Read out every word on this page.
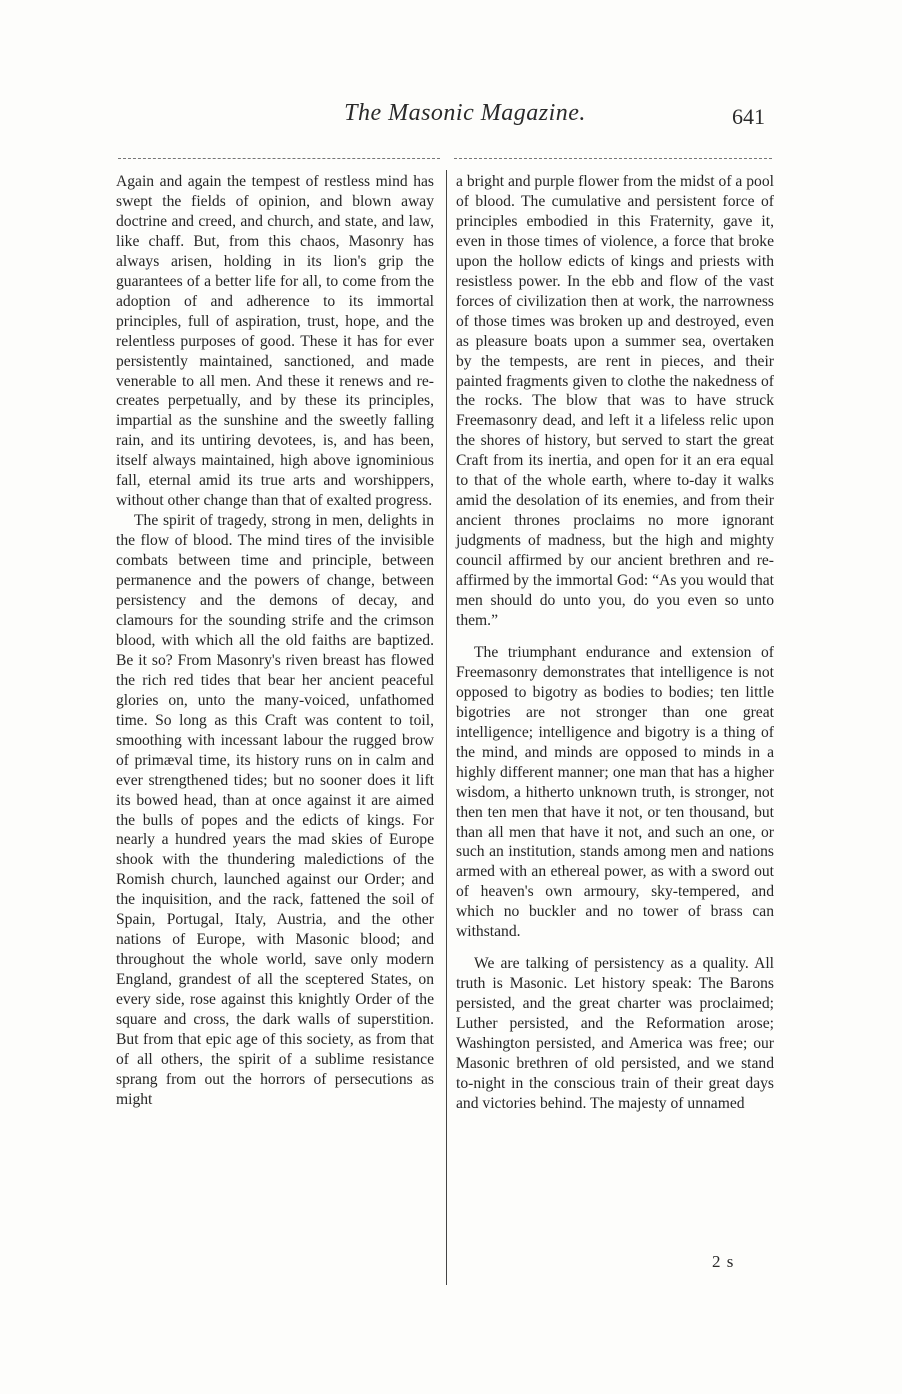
The Masonic Magazine.	641

Again and again the tempest of restless mind has swept the fields of opinion, and blown away doctrine and creed, and church, and state, and law, like chaff. But, from this chaos, Masonry has always arisen, holding in its lion's grip the guarantees of a better life for all, to come from the adoption of and adherence to its immortal principles, full of aspiration, trust, hope, and the relentless purposes of good. These it has for ever persistently maintained, sanctioned, and made venerable to all men. And these it renews and re-creates perpetually, and by these its principles, impartial as the sunshine and the sweetly falling rain, and its untiring devotees, is, and has been, itself always maintained, high above ignominious fall, eternal amid its true arts and worshippers, without other change than that of exalted progress.

The spirit of tragedy, strong in men, delights in the flow of blood. The mind tires of the invisible combats between time and principle, between permanence and the powers of change, between persistency and the demons of decay, and clamours for the sounding strife and the crimson blood, with which all the old faiths are baptized. Be it so? From Masonry's riven breast has flowed the rich red tides that bear her ancient peaceful glories on, unto the many-voiced, unfathomed time. So long as this Craft was content to toil, smoothing with incessant labour the rugged brow of primæval time, its history runs on in calm and ever strengthened tides; but no sooner does it lift its bowed head, than at once against it are aimed the bulls of popes and the edicts of kings. For nearly a hundred years the mad skies of Europe shook with the thundering maledictions of the Romish church, launched against our Order; and the inquisition, and the rack, fattened the soil of Spain, Portugal, Italy, Austria, and the other nations of Europe, with Masonic blood; and throughout the whole world, save only modern England, grandest of all the sceptered States, on every side, rose against this knightly Order of the square and cross, the dark walls of superstition. But from that epic age of this society, as from that of all others, the spirit of a sublime resistance sprang from out the horrors of persecutions as might

a bright and purple flower from the midst of a pool of blood. The cumulative and persistent force of principles embodied in this Fraternity, gave it, even in those times of violence, a force that broke upon the hollow edicts of kings and priests with resistless power. In the ebb and flow of the vast forces of civilization then at work, the narrowness of those times was broken up and destroyed, even as pleasure boats upon a summer sea, overtaken by the tempests, are rent in pieces, and their painted fragments given to clothe the nakedness of the rocks. The blow that was to have struck Freemasonry dead, and left it a lifeless relic upon the shores of history, but served to start the great Craft from its inertia, and open for it an era equal to that of the whole earth, where to-day it walks amid the desolation of its enemies, and from their ancient thrones proclaims no more ignorant judgments of madness, but the high and mighty council affirmed by our ancient brethren and re-affirmed by the immortal God: “As you would that men should do unto you, do you even so unto them.”

The triumphant endurance and extension of Freemasonry demonstrates that intelligence is not opposed to bigotry as bodies to bodies; ten little bigotries are not stronger than one great intelligence; intelligence and bigotry is a thing of the mind, and minds are opposed to minds in a highly different manner; one man that has a higher wisdom, a hitherto unknown truth, is stronger, not then ten men that have it not, or ten thousand, but than all men that have it not, and such an one, or such an institution, stands among men and nations armed with an ethereal power, as with a sword out of heaven's own armoury, sky-tempered, and which no buckler and no tower of brass can withstand.

We are talking of persistency as a quality. All truth is Masonic. Let history speak: The Barons persisted, and the great charter was proclaimed; Luther persisted, and the Reformation arose; Washington persisted, and America was free; our Masonic brethren of old persisted, and we stand to-night in the conscious train of their great days and victories behind. The majesty of unnamed

2 s
